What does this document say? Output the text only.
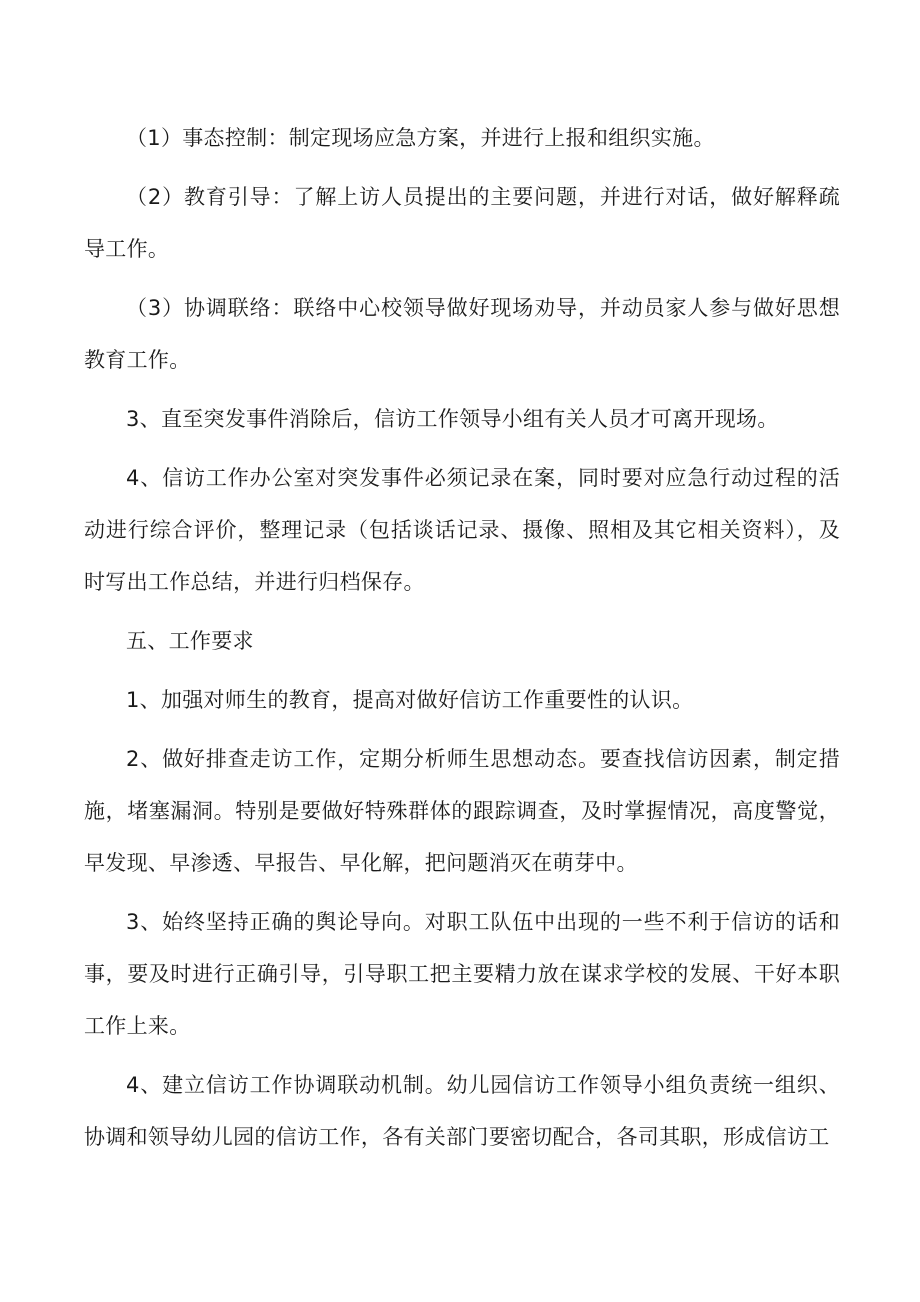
（1）事态控制：制定现场应急方案，并进行上报和组织实施。

（2）教育引导：了解上访人员提出的主要问题，并进行对话，做好解释疏导工作。

（3）协调联络：联络中心校领导做好现场劝导，并动员家人参与做好思想教育工作。

3、直至突发事件消除后，信访工作领导小组有关人员才可离开现场。

4、信访工作办公室对突发事件必须记录在案，同时要对应急行动过程的活动进行综合评价，整理记录（包括谈话记录、摄像、照相及其它相关资料），及时写出工作总结，并进行归档保存。

五、工作要求

1、加强对师生的教育，提高对做好信访工作重要性的认识。

2、做好排查走访工作，定期分析师生思想动态。要查找信访因素，制定措施，堵塞漏洞。特别是要做好特殊群体的跟踪调查，及时掌握情况，高度警觉，早发现、早渗透、早报告、早化解，把问题消灭在萌芽中。

3、始终坚持正确的舆论导向。对职工队伍中出现的一些不利于信访的话和事，要及时进行正确引导，引导职工把主要精力放在谋求学校的发展、干好本职工作上来。

4、建立信访工作协调联动机制。幼儿园信访工作领导小组负责统一组织、协调和领导幼儿园的信访工作，各有关部门要密切配合，各司其职，形成信访工
